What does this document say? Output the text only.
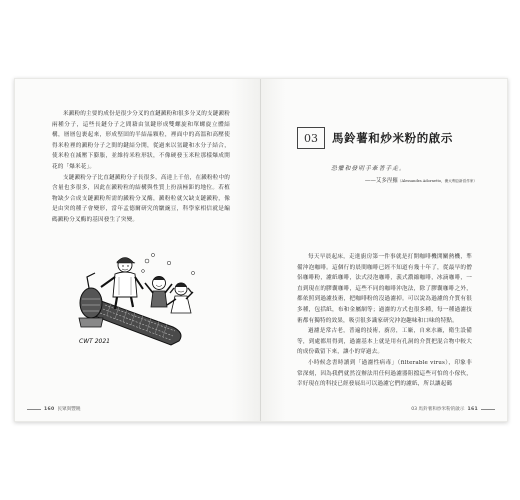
米澱粉的主要的成份是很少分叉的直鏈澱粉和很多分叉的支鏈澱粉兩種分子，這些長鏈分子之間藉由氫鍵形成雙螺旋和單螺旋立體結構，層層包裹起來，形成堅固的半結晶顆粒，裡面中的高溫和高壓使得米粒裡的澱粉分子之間的鍵結分開，從過來以氫鍵和水分子結合，使米粒在減壓下膨脹，並維持米粒形狀，不像硬發玉米粒那樣爆成開花的「爆米花」。

支鏈澱粉分子比直鏈澱粉分子長很多，高達上千倍，在澱粉粒中的含量也多很多，因此在澱粉粒的結構與性質上扮演極鉅的地位。若植物缺少合成支鏈澱粉所需的澱粉分叉酶，澱粉粒就欠缺支鏈澱粉，像是由突的種子會變形，當年孟德爾研究的皺豌豆，科學家相信就是編碼澱粉分叉酶的基因發生了突變。

CWT 2021
160 民眾與豐饒
03	馬鈴薯和炒米粉的啟示
恐懼和發明手牽著手走。
——艾多涅羅（Alessandra Adornetto，澳大利亞新晉作家）

每天早晨起床，走進廚房第一件事就是打開咖啡機開關熱機，準備沖泡咖啡。這個行的晨間咖啡已經不知道有幾十年了，從最早的僧侶咖啡粉，濾紙咖啡，法式浸泡咖啡，義式濃縮咖啡，冰滴咖啡，一直到現在的膠囊咖啡，這些不同的咖啡沖泡法，除了膠囊咖啡之外，都依照到過濾技術，把咖啡粉的沒過濾掉。可以說為過濾的介質有很多種，包括紙，布和金屬網等；過濾的方式也很多種，每一種過濾技術都有獨特的效果，吸引很多識家研究沖泡趣味和口味的特點。

過濾是常古老，普遍的技術，廚房，工廠，自來水廠，衛生設備等，到處都用得到，過濾基本上就是用有孔洞的介質把混合物中較大的成份截留下來，讓小的穿過去。

小時候念書時讀到「過濾性病毒」（filterable virus），印象非常深刻，因為我們就然沒辦法用任何過濾器阻擋這些可怕的小傢伙，幸好現在的科技已經發展出可以過濾它們的濾紙，所以讓起碼

03 馬鈴薯和炒米粉的啟示 161
